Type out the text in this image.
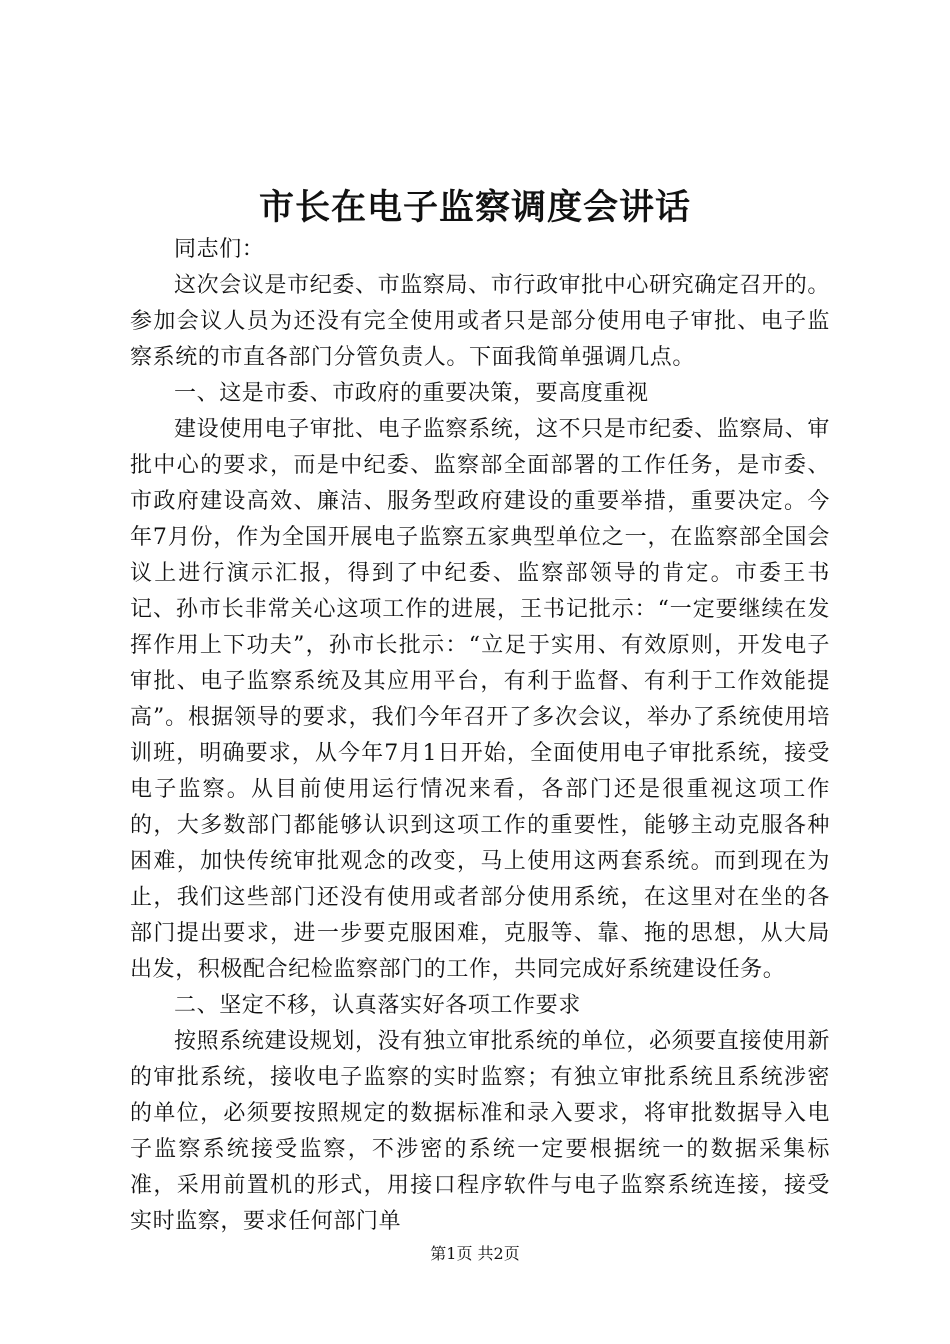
市长在电子监察调度会讲话

同志们：

这次会议是市纪委、市监察局、市行政审批中心研究确定召开的。参加会议人员为还没有完全使用或者只是部分使用电子审批、电子监察系统的市直各部门分管负责人。下面我简单强调几点。

一、这是市委、市政府的重要决策，要高度重视

建设使用电子审批、电子监察系统，这不只是市纪委、监察局、审批中心的要求，而是中纪委、监察部全面部署的工作任务，是市委、市政府建设高效、廉洁、服务型政府建设的重要举措，重要决定。今年7月份，作为全国开展电子监察五家典型单位之一，在监察部全国会议上进行演示汇报，得到了中纪委、监察部领导的肯定。市委王书记、孙市长非常关心这项工作的进展，王书记批示：“一定要继续在发挥作用上下功夫”，孙市长批示：“立足于实用、有效原则，开发电子审批、电子监察系统及其应用平台，有利于监督、有利于工作效能提高”。根据领导的要求，我们今年召开了多次会议，举办了系统使用培训班，明确要求，从今年7月1日开始，全面使用电子审批系统，接受电子监察。从目前使用运行情况来看，各部门还是很重视这项工作的，大多数部门都能够认识到这项工作的重要性，能够主动克服各种困难，加快传统审批观念的改变，马上使用这两套系统。而到现在为止，我们这些部门还没有使用或者部分使用系统，在这里对在坐的各部门提出要求，进一步要克服困难，克服等、靠、拖的思想，从大局出发，积极配合纪检监察部门的工作，共同完成好系统建设任务。

二、坚定不移，认真落实好各项工作要求

按照系统建设规划，没有独立审批系统的单位，必须要直接使用新的审批系统，接收电子监察的实时监察；有独立审批系统且系统涉密的单位，必须要按照规定的数据标准和录入要求，将审批数据导入电子监察系统接受监察，不涉密的系统一定要根据统一的数据采集标准，采用前置机的形式，用接口程序软件与电子监察系统连接，接受实时监察，要求任何部门单

第1页 共2页
